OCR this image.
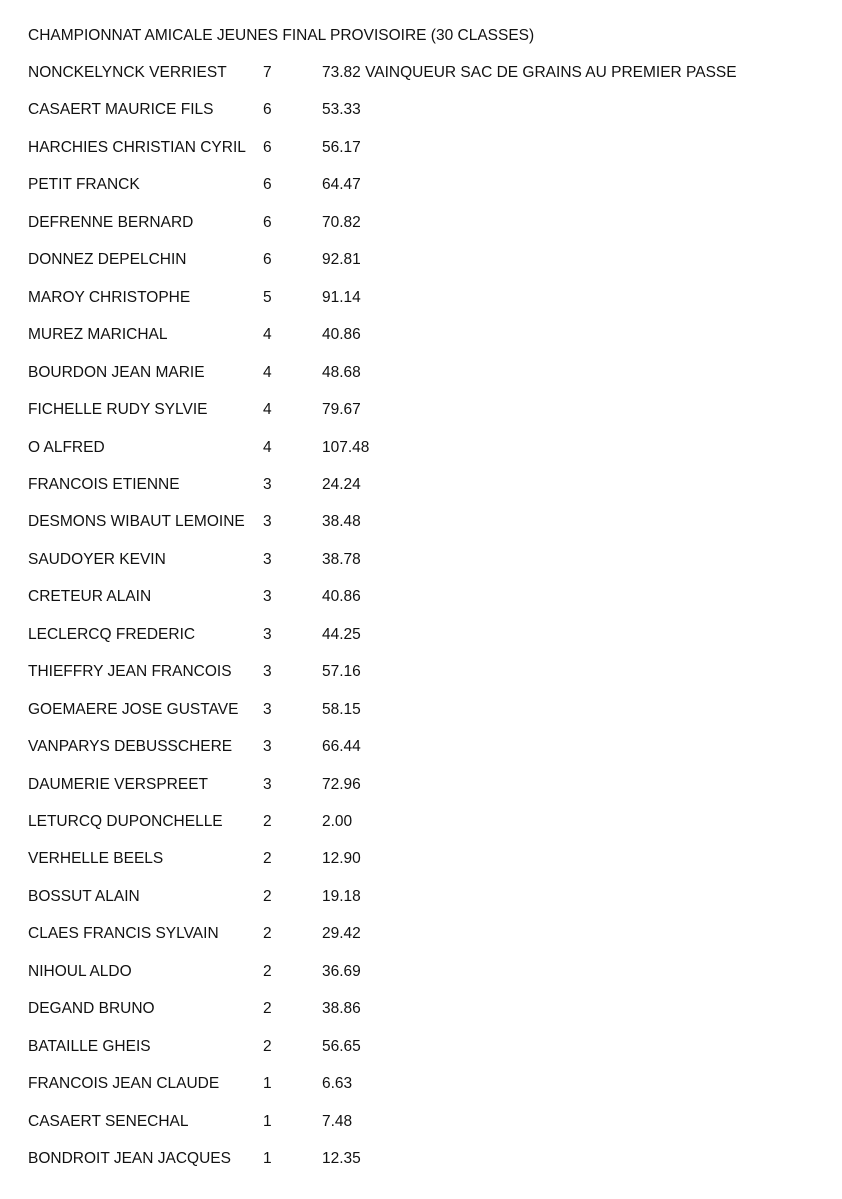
CHAMPIONNAT AMICALE JEUNES FINAL PROVISOIRE (30 CLASSES)
NONCKELYNCK VERRIEST 7	73.82 VAINQUEUR SAC DE GRAINS AU PREMIER PASSE
CASAERT MAURICE FILS	6	53.33
HARCHIES CHRISTIAN CYRIL 6	56.17
PETIT FRANCK	6	64.47
DEFRENNE BERNARD	6	70.82
DONNEZ DEPELCHIN	6	92.81
MAROY CHRISTOPHE	5	91.14
MUREZ MARICHAL	4	40.86
BOURDON JEAN MARIE	4	48.68
FICHELLE RUDY SYLVIE	4	79.67
O ALFRED	4	107.48
FRANCOIS ETIENNE	3	24.24
DESMONS WIBAUT LEMOINE 3	38.48
SAUDOYER KEVIN	3	38.78
CRETEUR ALAIN	3	40.86
LECLERCQ FREDERIC	3	44.25
THIEFFRY JEAN FRANCOIS 3	57.16
GOEMAERE JOSE GUSTAVE 3	58.15
VANPARYS DEBUSSCHERE 3	66.44
DAUMERIE VERSPREET	3	72.96
LETURCQ DUPONCHELLE	2	2.00
VERHELLE BEELS	2	12.90
BOSSUT ALAIN	2	19.18
CLAES FRANCIS SYLVAIN	2	29.42
NIHOUL ALDO	2	36.69
DEGAND BRUNO	2	38.86
BATAILLE GHEIS	2	56.65
FRANCOIS JEAN CLAUDE	1	6.63
CASAERT SENECHAL	1	7.48
BONDROIT JEAN JACQUES 1	12.35
